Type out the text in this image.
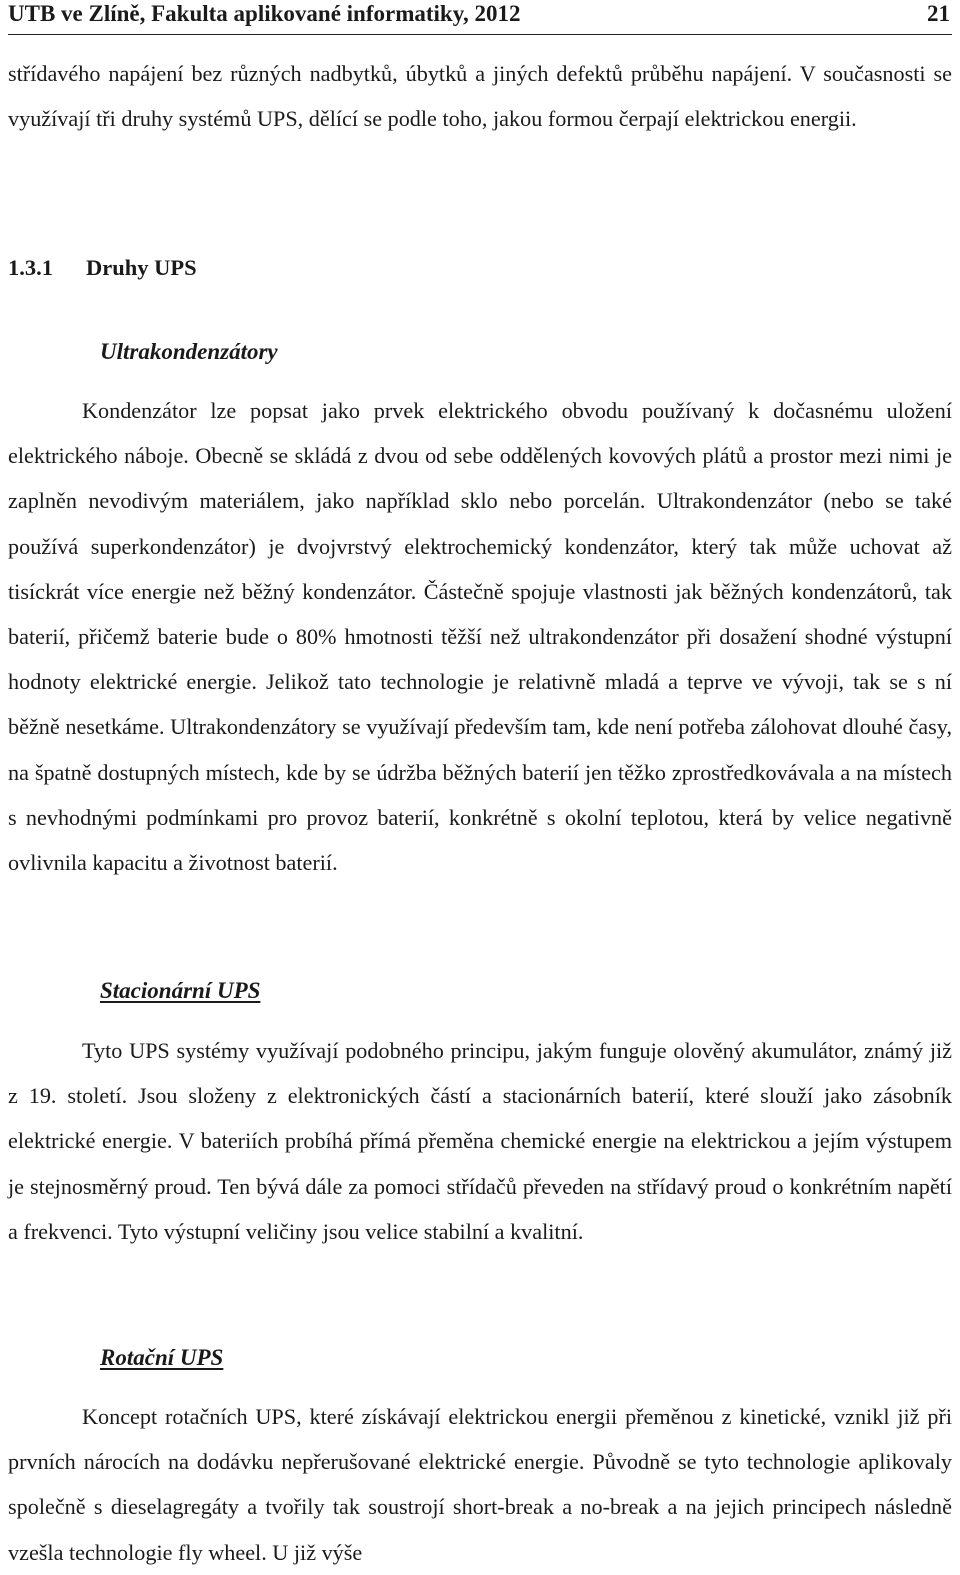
UTB ve Zlíně, Fakulta aplikované informatiky, 2012	21

střídavého napájení bez různých nadbytků, úbytků a jiných defektů průběhu napájení. V současnosti se využívají tři druhy systémů UPS, dělící se podle toho, jakou formou čerpají elektrickou energii.

1.3.1 Druhy UPS
Ultrakondenzátory

Kondenzátor lze popsat jako prvek elektrického obvodu používaný k dočasnému uložení elektrického náboje. Obecně se skládá z dvou od sebe oddělených kovových plátů a prostor mezi nimi je zaplněn nevodivým materiálem, jako například sklo nebo porcelán. Ultrakondenzátor (nebo se také používá superkondenzátor) je dvojvrstvý elektrochemický kondenzátor, který tak může uchovat až tisíckrát více energie než běžný kondenzátor. Částečně spojuje vlastnosti jak běžných kondenzátorů, tak baterií, přičemž baterie bude o 80% hmotnosti těžší než ultrakondenzátor při dosažení shodné výstupní hodnoty elektrické energie. Jelikož tato technologie je relativně mladá a teprve ve vývoji, tak se s ní běžně nesetkáme. Ultrakondenzátory se využívají především tam, kde není potřeba zálohovat dlouhé časy, na špatně dostupných místech, kde by se údržba běžných baterií jen těžko zprostředkovávala a na místech s nevhodnými podmínkami pro provoz baterií, konkrétně s okolní teplotou, která by velice negativně ovlivnila kapacitu a životnost baterií.

Stacionární UPS

Tyto UPS systémy využívají podobného principu, jakým funguje olověný akumulátor, známý již z 19. století. Jsou složeny z elektronických částí a stacionárních baterií, které slouží jako zásobník elektrické energie. V bateriích probíhá přímá přeměna chemické energie na elektrickou a jejím výstupem je stejnosměrný proud. Ten bývá dále za pomoci střídačů převeden na střídavý proud o konkrétním napětí a frekvenci. Tyto výstupní veličiny jsou velice stabilní a kvalitní.

Rotační UPS

Koncept rotačních UPS, které získávají elektrickou energii přeměnou z kinetické, vznikl již při prvních nárocích na dodávku nepřerušované elektrické energie. Původně se tyto technologie aplikovaly společně s dieselagregáty a tvořily tak soustrojí short-break a no-break a na jejich principech následně vzešla technologie fly wheel. U již výše
